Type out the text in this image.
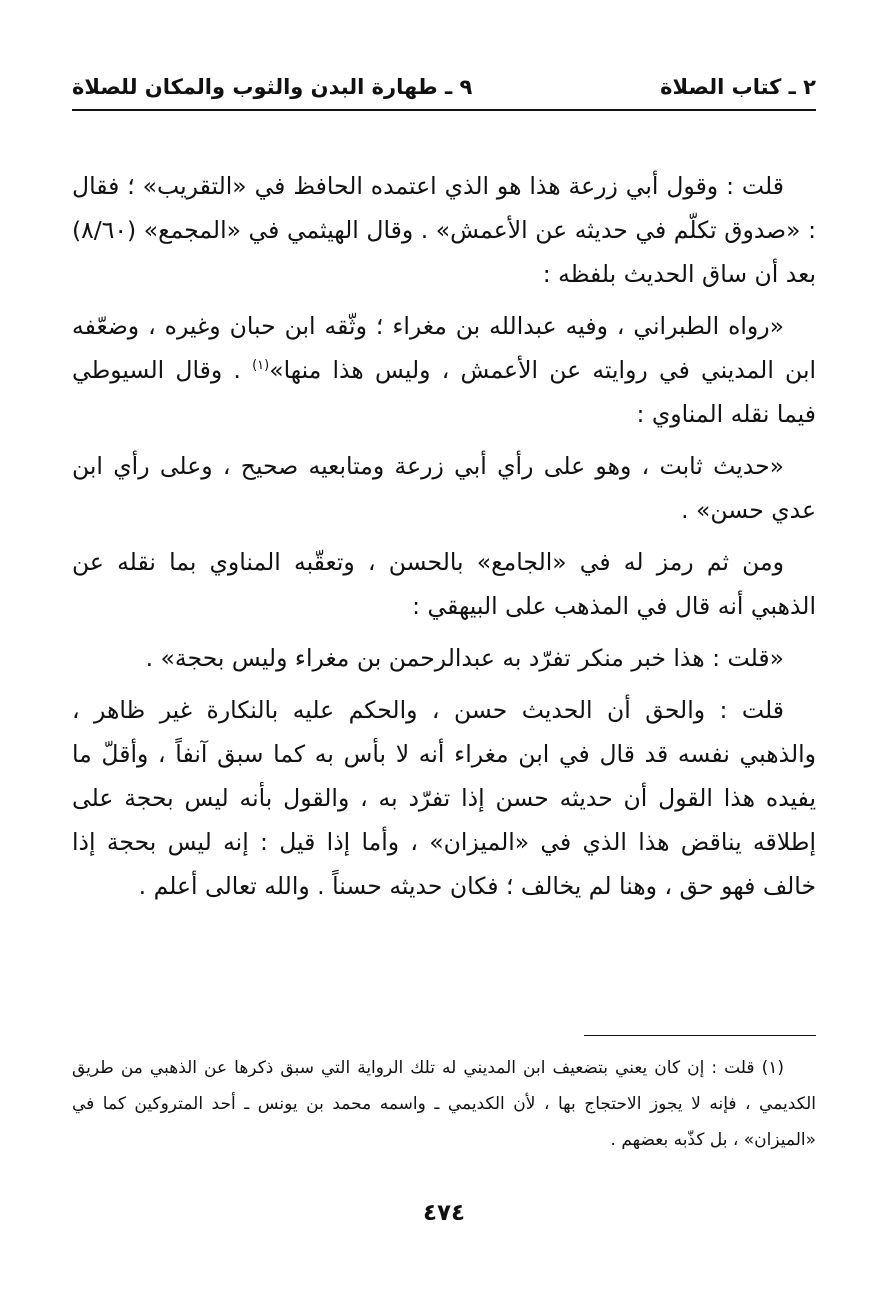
٢ ـ كتاب الصلاة
٩ ـ طهارة البدن والثوب والمكان للصلاة

قلت : وقول أبي زرعة هذا هو الذي اعتمده الحافظ في «التقريب» ؛ فقال : «صدوق تكلّم في حديثه عن الأعمش» . وقال الهيثمي في «المجمع» (٨/٦٠) بعد أن ساق الحديث بلفظه :

«رواه الطبراني ، وفيه عبدالله بن مغراء ؛ وثّقه ابن حبان وغيره ، وضعّفه ابن المديني في روايته عن الأعمش ، وليس هذا منها»$^{(١)}$ . وقال السيوطي فيما نقله المناوي :

«حديث ثابت ، وهو على رأي أبي زرعة ومتابعيه صحيح ، وعلى رأي ابن عدي حسن» .

ومن ثم رمز له في «الجامع» بالحسن ، وتعقّبه المناوي بما نقله عن الذهبي أنه قال في المذهب على البيهقي :

«قلت : هذا خبر منكر تفرّد به عبدالرحمن بن مغراء وليس بحجة» .

قلت : والحق أن الحديث حسن ، والحكم عليه بالنكارة غير ظاهر ، والذهبي نفسه قد قال في ابن مغراء أنه لا بأس به كما سبق آنفاً ، وأقلّ ما يفيده هذا القول أن حديثه حسن إذا تفرّد به ، والقول بأنه ليس بحجة على إطلاقه يناقض هذا الذي في «الميزان» ، وأما إذا قيل : إنه ليس بحجة إذا خالف فهو حق ، وهنا لم يخالف ؛ فكان حديثه حسناً . والله تعالى أعلم .

(١) قلت : إن كان يعني بتضعيف ابن المديني له تلك الرواية التي سبق ذكرها عن الذهبي من طريق الكديمي ، فإنه لا يجوز الاحتجاج بها ، لأن الكديمي ـ واسمه محمد بن يونس ـ أحد المتروكين كما في «الميزان» ، بل كذّبه بعضهم .

٤٧٤
